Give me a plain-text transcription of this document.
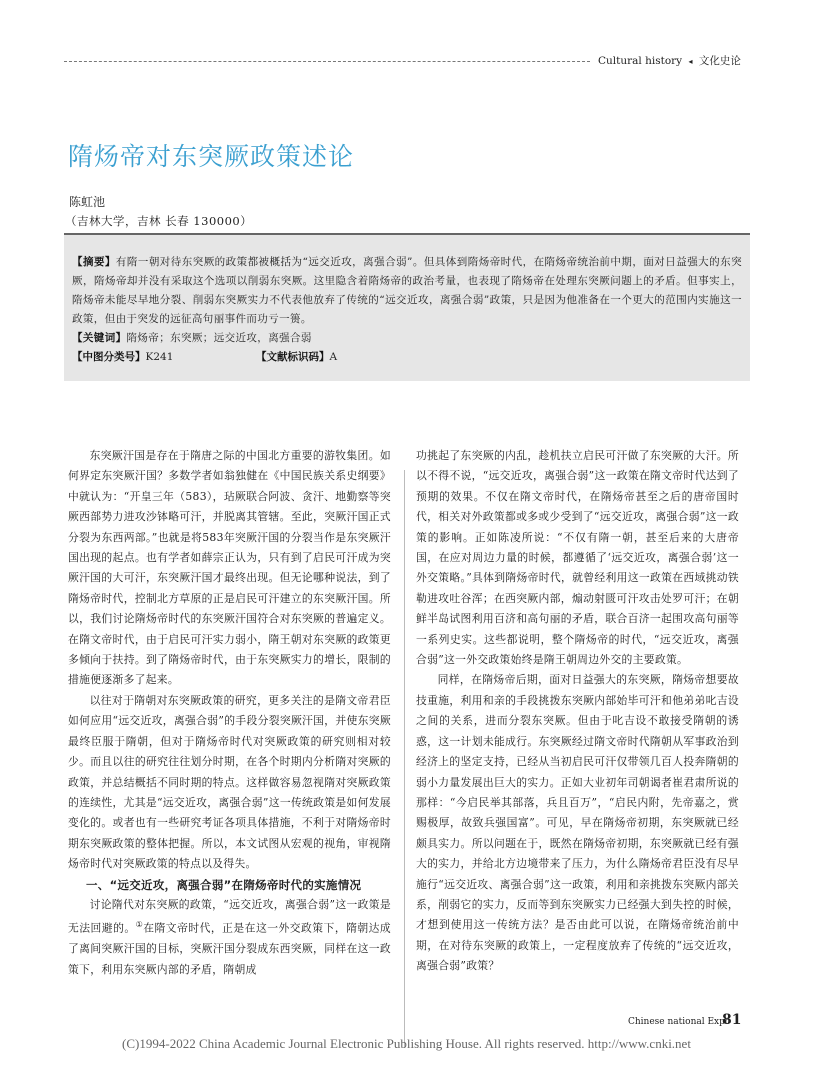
Cultural history ◂ 文化史论
隋炀帝对东突厥政策述论
陈虹池
（吉林大学，吉林 长春 130000）

【摘要】有隋一朝对待东突厥的政策都被概括为“远交近攻，离强合弱”。但具体到隋炀帝时代，在隋炀帝统治前中期，面对日益强大的东突厥，隋炀帝却并没有采取这个选项以削弱东突厥。这里隐含着隋炀帝的政治考量，也表现了隋炀帝在处理东突厥问题上的矛盾。但事实上，隋炀帝未能尽早地分裂、削弱东突厥实力不代表他放弃了传统的“远交近攻，离强合弱”政策，只是因为他准备在一个更大的范围内实施这一政策，但由于突发的远征高句丽事件而功亏一篑。

【关键词】隋炀帝；东突厥；远交近攻，离强合弱

【中图分类号】K241	【文献标识码】A

东突厥汗国是存在于隋唐之际的中国北方重要的游牧集团。如何界定东突厥汗国？多数学者如翁独健在《中国民族关系史纲要》中就认为：“开皇三年（583），玷厥联合阿波、贪汗、地勤察等突厥西部势力进攻沙钵略可汗，并脱离其管辖。至此，突厥汗国正式分裂为东西两部。”也就是将583年突厥汗国的分裂当作是东突厥汗国出现的起点。也有学者如薛宗正认为，只有到了启民可汗成为突厥汗国的大可汗，东突厥汗国才最终出现。但无论哪种说法，到了隋炀帝时代，控制北方草原的正是启民可汗建立的东突厥汗国。所以，我们讨论隋炀帝时代的东突厥汗国符合对东突厥的普遍定义。在隋文帝时代，由于启民可汗实力弱小，隋王朝对东突厥的政策更多倾向于扶持。到了隋炀帝时代，由于东突厥实力的增长，限制的措施便逐渐多了起来。

以往对于隋朝对东突厥政策的研究，更多关注的是隋文帝君臣如何应用“远交近攻，离强合弱”的手段分裂突厥汗国，并使东突厥最终臣服于隋朝，但对于隋炀帝时代对突厥政策的研究则相对较少。而且以往的研究往往划分时期，在各个时期内分析隋对突厥的政策，并总结概括不同时期的特点。这样做容易忽视隋对突厥政策的连续性，尤其是“远交近攻，离强合弱”这一传统政策是如何发展变化的。或者也有一些研究考证各项具体措施，不利于对隋炀帝时期东突厥政策的整体把握。所以，本文试图从宏观的视角，审视隋炀帝时代对突厥政策的特点以及得失。

一、“远交近攻，离强合弱”在隋炀帝时代的实施情况

讨论隋代对东突厥的政策，“远交近攻，离强合弱”这一政策是无法回避的。①在隋文帝时代，正是在这一外交政策下，隋朝达成了离间突厥汗国的目标，突厥汗国分裂成东西突厥，同样在这一政策下，利用东突厥内部的矛盾，隋朝成

功挑起了东突厥的内乱，趁机扶立启民可汗做了东突厥的大汗。所以不得不说，“远交近攻，离强合弱”这一政策在隋文帝时代达到了预期的效果。不仅在隋文帝时代，在隋炀帝甚至之后的唐帝国时代，相关对外政策都或多或少受到了“远交近攻，离强合弱”这一政策的影响。正如陈凌所说：“不仅有隋一朝，甚至后来的大唐帝国，在应对周边力量的时候，都遵循了‘远交近攻，离强合弱’这一外交策略。”具体到隋炀帝时代，就曾经利用这一政策在西域挑动铁勒进攻吐谷浑；在西突厥内部，煽动射匮可汗攻击处罗可汗；在朝鲜半岛试图利用百济和高句丽的矛盾，联合百济一起围攻高句丽等一系列史实。这些都说明，整个隋炀帝的时代，“远交近攻，离强合弱”这一外交政策始终是隋王朝周边外交的主要政策。

同样，在隋炀帝后期，面对日益强大的东突厥，隋炀帝想要故技重施，利用和亲的手段挑拨东突厥内部始毕可汗和他弟弟叱吉设之间的关系，进而分裂东突厥。但由于叱吉设不敢接受隋朝的诱惑，这一计划未能成行。东突厥经过隋文帝时代隋朝从军事政治到经济上的坚定支持，已经从当初启民可汗仅带领几百人投奔隋朝的弱小力量发展出巨大的实力。正如大业初年司朝谒者崔君肃所说的那样：“今启民举其部落，兵且百万”，“启民内附，先帝嘉之，赏赐极厚，故致兵强国富”。可见，早在隋炀帝初期，东突厥就已经颇具实力。所以问题在于，既然在隋炀帝初期，东突厥就已经有强大的实力，并给北方边境带来了压力，为什么隋炀帝君臣没有尽早施行“远交近攻、离强合弱”这一政策，利用和亲挑拨东突厥内部关系，削弱它的实力，反而等到东突厥实力已经强大到失控的时候，才想到使用这一传统方法？是否由此可以说，在隋炀帝统治前中期，在对待东突厥的政策上，一定程度放弃了传统的“远交近攻，离强合弱”政策？

Chinese national Expo
81
(C)1994-2022 China Academic Journal Electronic Publishing House. All rights reserved. http://www.cnki.net
